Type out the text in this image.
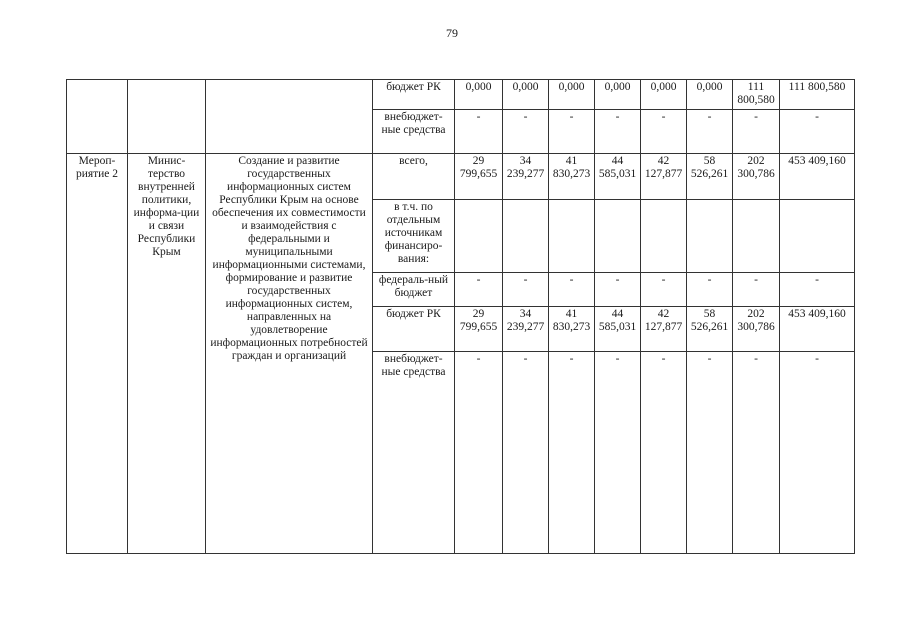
79
			бюджет РК	0,000	0,000	0,000	0,000	0,000	0,000	111 800,580	111 800,580
			внебюджет-ные средства	-	-	-	-	-	-	-	-
Мероп-риятие 2	Минис-терство внутренней политики, информа-ции и связи Республики Крым	Создание и развитие государственных информационных систем Республики Крым на основе обеспечения их совместимости и взаимодействия с федеральными и муниципальными информационными системами, формирование и развитие государственных информационных систем, направленных на удовлетворение информационных потребностей граждан и организаций	всего,	29 799,655	34 239,277	41 830,273	44 585,031	42 127,877	58 526,261	202 300,786	453 409,160
			в т.ч. по отдельным источникам финансиро-вания:								
			федераль-ный бюджет	-	-	-	-	-	-	-	-
			бюджет РК	29 799,655	34 239,277	41 830,273	44 585,031	42 127,877	58 526,261	202 300,786	453 409,160
			внебюджет-ные средства	-	-	-	-	-	-	-	-
